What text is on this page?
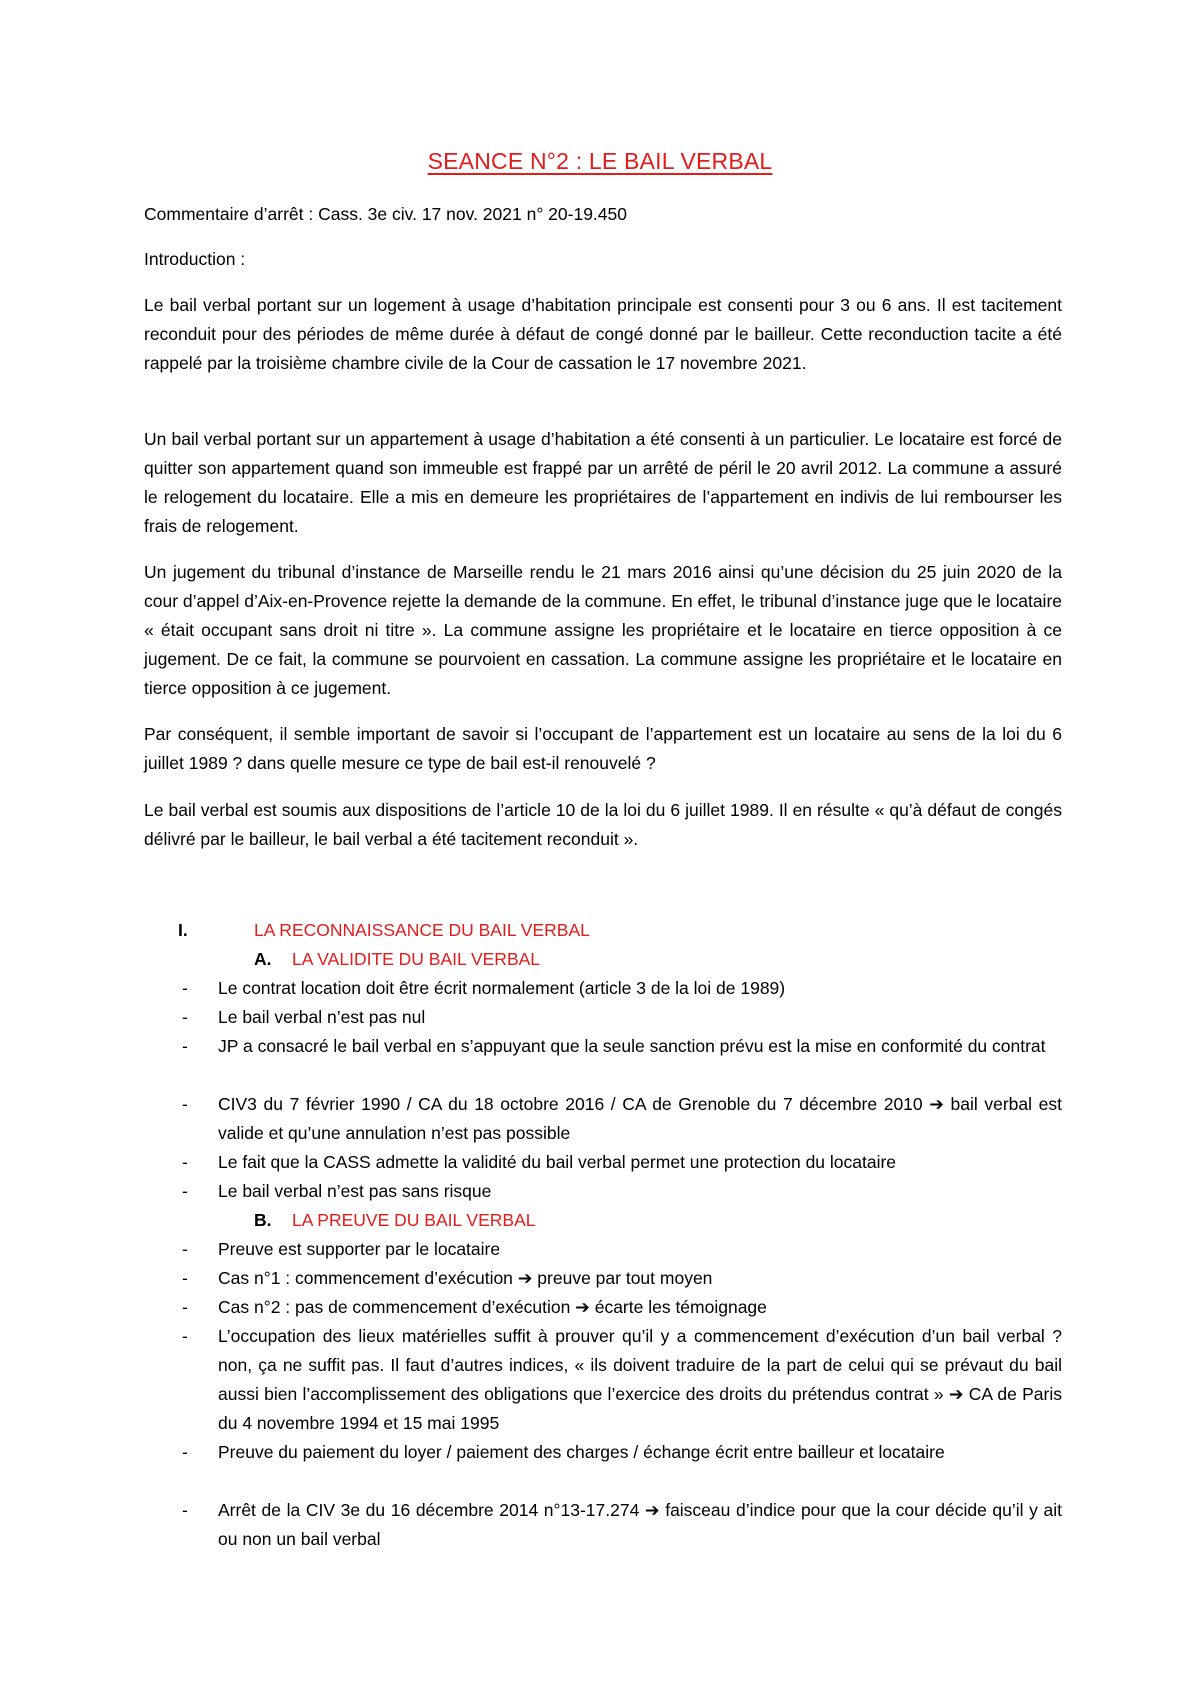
SEANCE N°2 : LE BAIL VERBAL

Commentaire d’arrêt : Cass. 3e civ. 17 nov. 2021 n° 20-19.450

Introduction :

Le bail verbal portant sur un logement à usage d’habitation principale est consenti pour 3 ou 6 ans. Il est tacitement reconduit pour des périodes de même durée à défaut de congé donné par le bailleur. Cette reconduction tacite a été rappelé par la troisième chambre civile de la Cour de cassation le 17 novembre 2021.

Un bail verbal portant sur un appartement à usage d’habitation a été consenti à un particulier. Le locataire est forcé de quitter son appartement quand son immeuble est frappé par un arrêté de péril le 20 avril 2012. La commune a assuré le relogement du locataire. Elle a mis en demeure les propriétaires de l’appartement en indivis de lui rembourser les frais de relogement.

Un jugement du tribunal d’instance de Marseille rendu le 21 mars 2016 ainsi qu’une décision du 25 juin 2020 de la cour d’appel d’Aix-en-Provence rejette la demande de la commune. En effet, le tribunal d’instance juge que le locataire « était occupant sans droit ni titre ». La commune assigne les propriétaire et le locataire en tierce opposition à ce jugement. De ce fait, la commune se pourvoient en cassation. La commune assigne les propriétaire et le locataire en tierce opposition à ce jugement.

Par conséquent, il semble important de savoir si l’occupant de l’appartement est un locataire au sens de la loi du 6 juillet 1989 ? dans quelle mesure ce type de bail est-il renouvelé ?

Le bail verbal est soumis aux dispositions de l’article 10 de la loi du 6 juillet 1989. Il en résulte « qu’à défaut de congés délivré par le bailleur, le bail verbal a été tacitement reconduit ».

I.	LA RECONNAISSANCE DU BAIL VERBAL
A. LA VALIDITE DU BAIL VERBAL
- Le contrat location doit être écrit normalement (article 3 de la loi de 1989)
- Le bail verbal n’est pas nul
- JP a consacré le bail verbal en s’appuyant que la seule sanction prévu est la mise en conformité du contrat
- CIV3 du 7 février 1990 / CA du 18 octobre 2016 / CA de Grenoble du 7 décembre 2010 ➔ bail verbal est valide et qu’une annulation n’est pas possible
- Le fait que la CASS admette la validité du bail verbal permet une protection du locataire
- Le bail verbal n’est pas sans risque
B. LA PREUVE DU BAIL VERBAL
- Preuve est supporter par le locataire
- Cas n°1 : commencement d’exécution ➔ preuve par tout moyen
- Cas n°2 : pas de commencement d’exécution ➔ écarte les témoignage
- L’occupation des lieux matérielles suffit à prouver qu’il y a commencement d’exécution d’un bail verbal ? non, ça ne suffit pas. Il faut d’autres indices, « ils doivent traduire de la part de celui qui se prévaut du bail aussi bien l’accomplissement des obligations que l’exercice des droits du prétendus contrat » ➔ CA de Paris du 4 novembre 1994 et 15 mai 1995
- Preuve du paiement du loyer / paiement des charges / échange écrit entre bailleur et locataire
- Arrêt de la CIV 3e du 16 décembre 2014 n°13-17.274 ➔ faisceau d’indice pour que la cour décide qu’il y ait ou non un bail verbal
